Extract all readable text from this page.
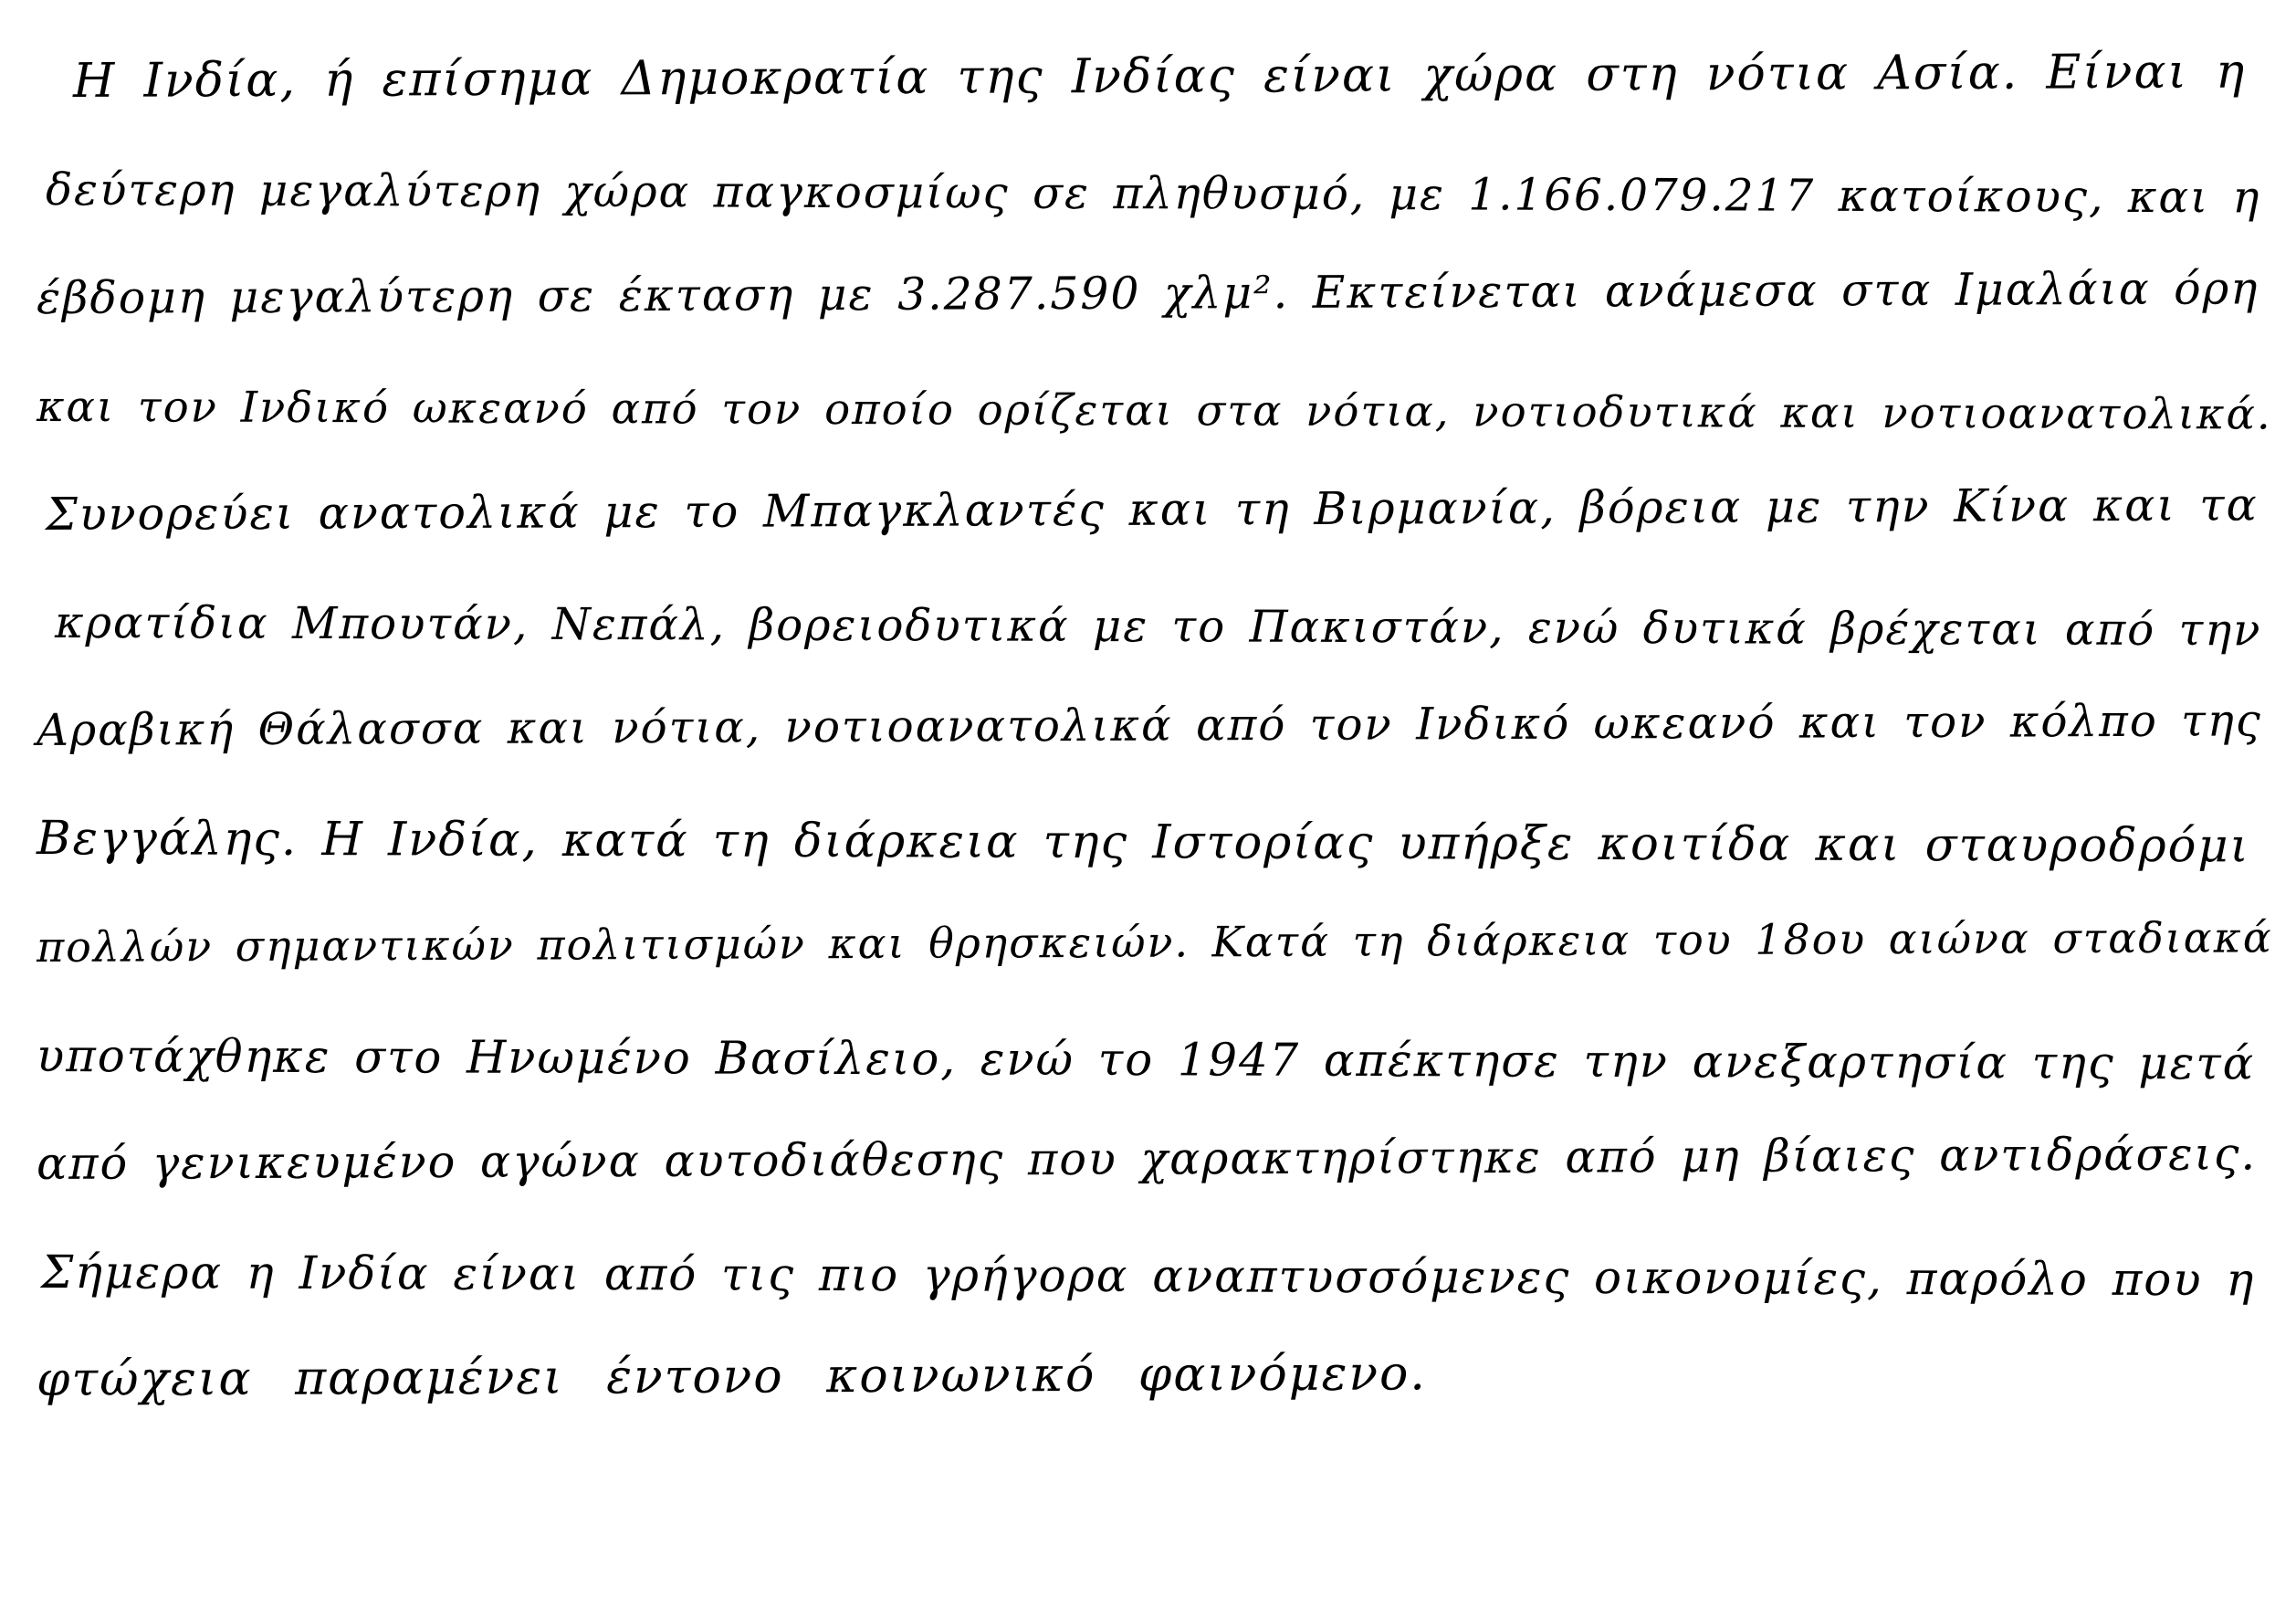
Η Ινδία, ή επίσημα Δημοκρατία της Ινδίας είναι χώρα στη νότια Ασία. Είναι η
δεύτερη μεγαλύτερη χώρα παγκοσμίως σε πληθυσμό, με 1.166.079.217 κατοίκους, και η
έβδομη μεγαλύτερη σε έκταση με 3.287.590 χλμ². Εκτείνεται ανάμεσα στα Ιμαλάια όρη
και τον Ινδικό ωκεανό από τον οποίο ορίζεται στα νότια, νοτιοδυτικά και νοτιοανατολικά.
Συνορεύει ανατολικά με το Μπαγκλαντές και τη Βιρμανία, βόρεια με την Κίνα και τα
κρατίδια Μπουτάν, Νεπάλ, βορειοδυτικά με το Πακιστάν, ενώ δυτικά βρέχεται από την
Αραβική Θάλασσα και νότια, νοτιοανατολικά από τον Ινδικό ωκεανό και τον κόλπο της
Βεγγάλης. Η Ινδία, κατά τη διάρκεια της Ιστορίας υπήρξε κοιτίδα και σταυροδρόμι
πολλών σημαντικών πολιτισμών και θρησκειών. Κατά τη διάρκεια του 18ου αιώνα σταδιακά
υποτάχθηκε στο Ηνωμένο Βασίλειο, ενώ το 1947 απέκτησε την ανεξαρτησία της μετά
από γενικευμένο αγώνα αυτοδιάθεσης που χαρακτηρίστηκε από μη βίαιες αντιδράσεις.
Σήμερα η Ινδία είναι από τις πιο γρήγορα αναπτυσσόμενες οικονομίες, παρόλο που η
φτώχεια παραμένει έντονο κοινωνικό φαινόμενο.
